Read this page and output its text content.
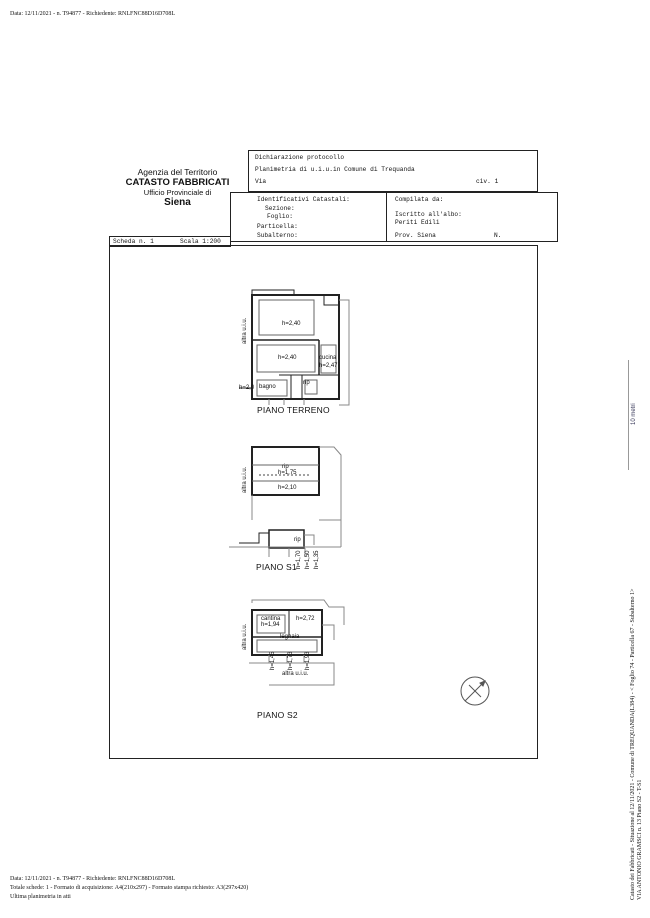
Data: 12/11/2021 - n. T94877 - Richiedente: RNLFNC88D16D708L
Agenzia del Territorio
CATASTO FABBRICATI
Ufficio Provinciale di
Siena
Dichiarazione protocollo
Planimetria di u.i.u.in Comune di Trequanda
Via	civ. 1
Identificativi Catastali:
Sezione:
Foglio:
Particella:
Subalterno:
Compilata da:
Iscritto all'albo:
Periti Edili
Prov. Siena	N.
Scheda n. 1	Scala 1:200
h=2,40
h=2,40	cucina
h=2,47
h=2,0 bagno
rip
altra u.i.u.
PIANO TERRENO
rip
h=1,75
h=2,10
rip
h=1,35
h=1,50
h=1,70
altra u.i.u.
PIANO S1
cantina
h=1,94
h=2,72
legnaia
h=1,45 h=1,73 h=1,93
altra u.i.u.
altra u.i.u.
PIANO S2
10 metri
Catasto dei Fabbricati - Situazione al 12/11/2021 - Comune di TREQUANDA(L384) - < Foglio 74 - Particella 67 - Subalterno 1> VIA ANTONIO GRAMSCI n. 13 Piano S2 - T-S1
Data: 12/11/2021 - n. T94877 - Richiedente: RNLFNC88D16D708L
Totale schede: 1 - Formato di acquisizione: A4(210x297) - Formato stampa richiesto: A3(297x420)
Ultima planimetria in atti
